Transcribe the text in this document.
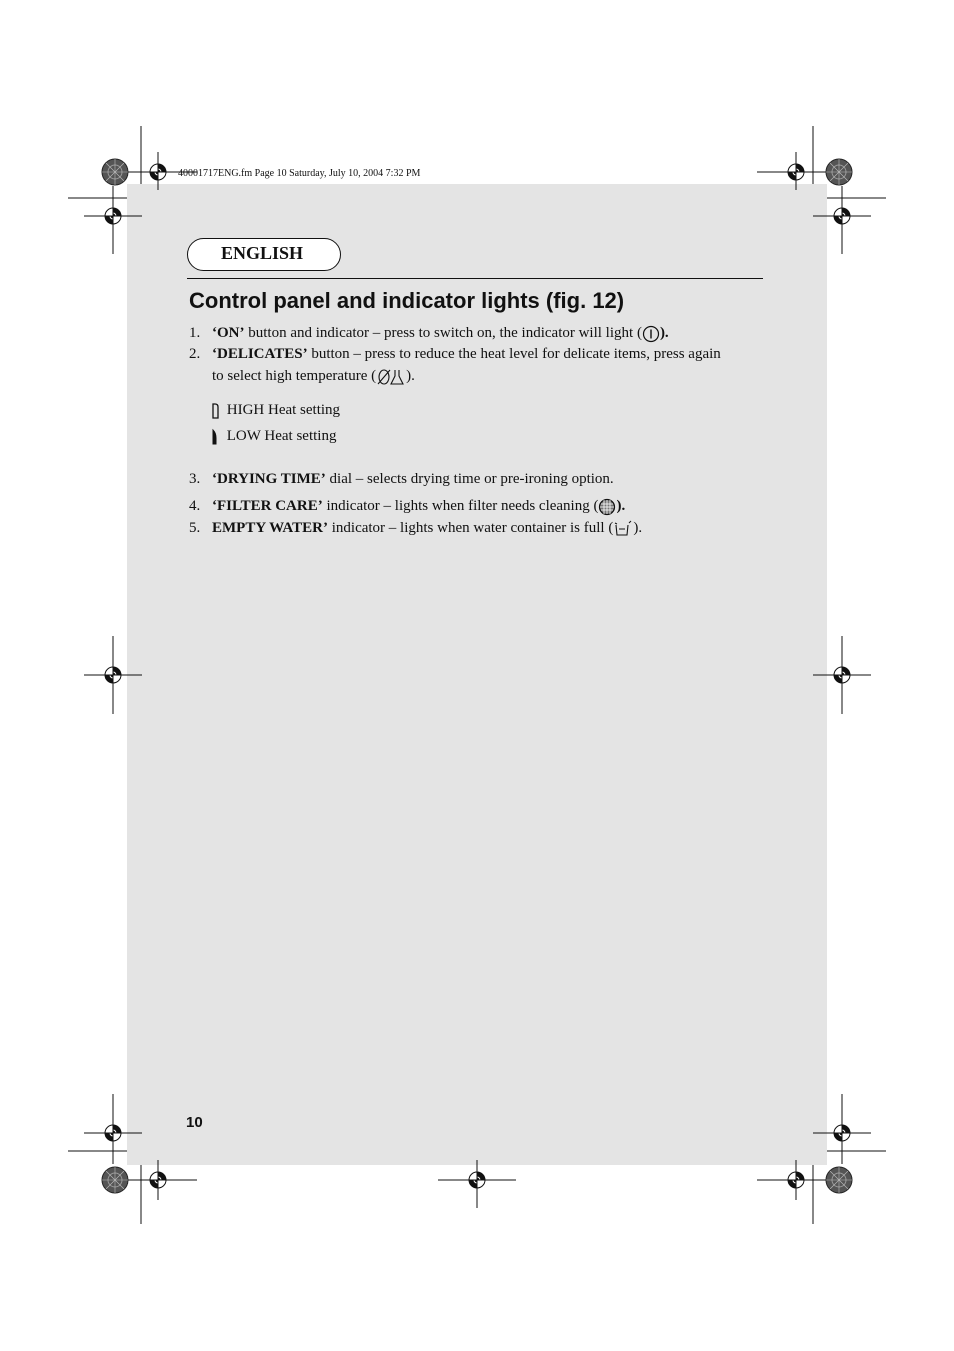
40001717ENG.fm Page 10 Saturday, July 10, 2004 7:32 PM
ENGLISH
Control panel and indicator lights (fig. 12)
1. ‘ON’ button and indicator – press to switch on, the indicator will light ( ).
2. ‘DELICATES’ button – press to reduce the heat level for delicate items, press again
to select high temperature ( ).
HIGH Heat setting
LOW Heat setting
3. ‘DRYING TIME’ dial – selects drying time or pre-ironing option.
4. ‘FILTER CARE’ indicator – lights when filter needs cleaning ( ).
5. EMPTY WATER’ indicator – lights when water container is full ( ).
10
